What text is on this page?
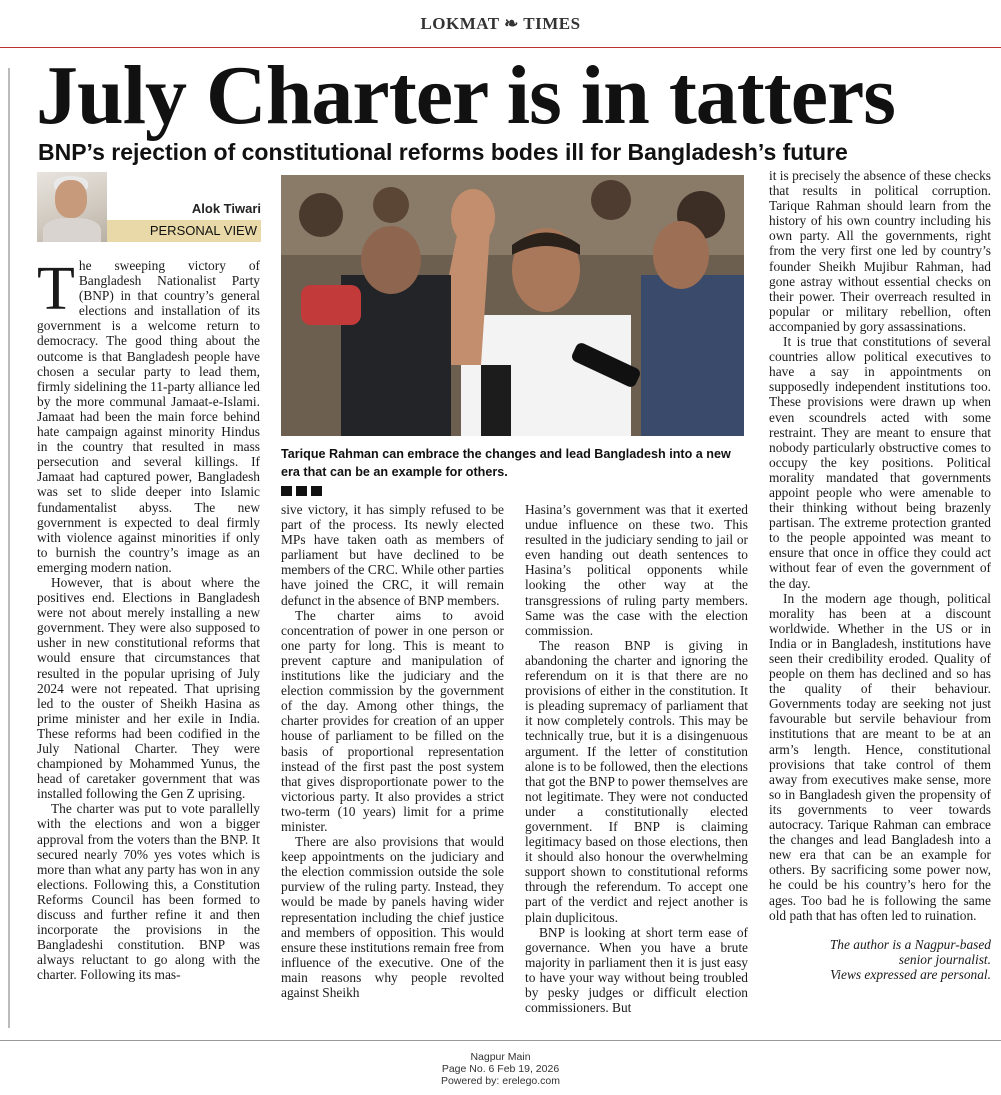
LOKMAT ❧ TIMES
July Charter is in tatters
BNP’s rejection of constitutional reforms bodes ill for Bangladesh’s future
Alok Tiwari
PERSONAL VIEW

The sweeping victory of Bangladesh Nationalist Party (BNP) in that country’s general elections and installation of its government is a welcome return to democracy. The good thing about the outcome is that Bangladesh people have chosen a secular party to lead them, firmly sidelining the 11-party alliance led by the more communal Jamaat-e-Islami. Jamaat had been the main force behind hate campaign against minority Hindus in the country that resulted in mass persecution and several killings. If Jamaat had captured power, Bangladesh was set to slide deeper into Islamic fundamentalist abyss. The new government is expected to deal firmly with violence against minorities if only to burnish the country’s image as an emerging modern nation.

However, that is about where the positives end. Elections in Bangladesh were not about merely installing a new government. They were also supposed to usher in new constitutional reforms that would ensure that circumstances that resulted in the popular uprising of July 2024 were not repeated. That uprising led to the ouster of Sheikh Hasina as prime minister and her exile in India. These reforms had been codified in the July National Charter. They were championed by Mohammed Yunus, the head of caretaker government that was installed following the Gen Z uprising.

The charter was put to vote parallelly with the elections and won a bigger approval from the voters than the BNP. It secured nearly 70% yes votes which is more than what any party has won in any elections. Following this, a Constitution Reforms Council has been formed to discuss and further refine it and then incorporate the provisions in the Bangladeshi constitution. BNP was always reluctant to go along with the charter. Following its mas-

Tarique Rahman can embrace the changes and lead Bangladesh into a new era that can be an example for others.

sive victory, it has simply refused to be part of the process. Its newly elected MPs have taken oath as members of parliament but have declined to be members of the CRC. While other parties have joined the CRC, it will remain defunct in the absence of BNP members.

The charter aims to avoid concentration of power in one person or one party for long. This is meant to prevent capture and manipulation of institutions like the judiciary and the election commission by the government of the day. Among other things, the charter provides for creation of an upper house of parliament to be filled on the basis of proportional representation instead of the first past the post system that gives disproportionate power to the victorious party. It also provides a strict two-term (10 years) limit for a prime minister.

There are also provisions that would keep appointments on the judiciary and the election commission outside the sole purview of the ruling party. Instead, they would be made by panels having wider representation including the chief justice and members of opposition. This would ensure these institutions remain free from influence of the executive. One of the main reasons why people revolted against Sheikh

Hasina’s government was that it exerted undue influence on these two. This resulted in the judiciary sending to jail or even handing out death sentences to Hasina’s political opponents while looking the other way at the transgressions of ruling party members. Same was the case with the election commission.

The reason BNP is giving in abandoning the charter and ignoring the referendum on it is that there are no provisions of either in the constitution. It is pleading supremacy of parliament that it now completely controls. This may be technically true, but it is a disingenuous argument. If the letter of constitution alone is to be followed, then the elections that got the BNP to power themselves are not legitimate. They were not conducted under a constitutionally elected government. If BNP is claiming legitimacy based on those elections, then it should also honour the overwhelming support shown to constitutional reforms through the referendum. To accept one part of the verdict and reject another is plain duplicitous.

BNP is looking at short term ease of governance. When you have a brute majority in parliament then it is just easy to have your way without being troubled by pesky judges or difficult election commissioners. But

it is precisely the absence of these checks that results in political corruption. Tarique Rahman should learn from the history of his own country including his own party. All the governments, right from the very first one led by country’s founder Sheikh Mujibur Rahman, had gone astray without essential checks on their power. Their overreach resulted in popular or military rebellion, often accompanied by gory assassinations.

It is true that constitutions of several countries allow political executives to have a say in appointments on supposedly independent institutions too. These provisions were drawn up when even scoundrels acted with some restraint. They are meant to ensure that nobody particularly obstructive comes to occupy the key positions. Political morality mandated that governments appoint people who were amenable to their thinking without being brazenly partisan. The extreme protection granted to the people appointed was meant to ensure that once in office they could act without fear of even the government of the day.

In the modern age though, political morality has been at a discount worldwide. Whether in the US or in India or in Bangladesh, institutions have seen their credibility eroded. Quality of people on them has declined and so has the quality of their behaviour. Governments today are seeking not just favourable but servile behaviour from institutions that are meant to be at an arm’s length. Hence, constitutional provisions that take control of them away from executives make sense, more so in Bangladesh given the propensity of its governments to veer towards autocracy. Tarique Rahman can embrace the changes and lead Bangladesh into a new era that can be an example for others. By sacrificing some power now, he could be his country’s hero for the ages. Too bad he is following the same old path that has often led to ruination.

The author is a Nagpur-based

senior journalist.

Views expressed are personal.

Nagpur Main
Page No. 6 Feb 19, 2026
Powered by: erelego.com
